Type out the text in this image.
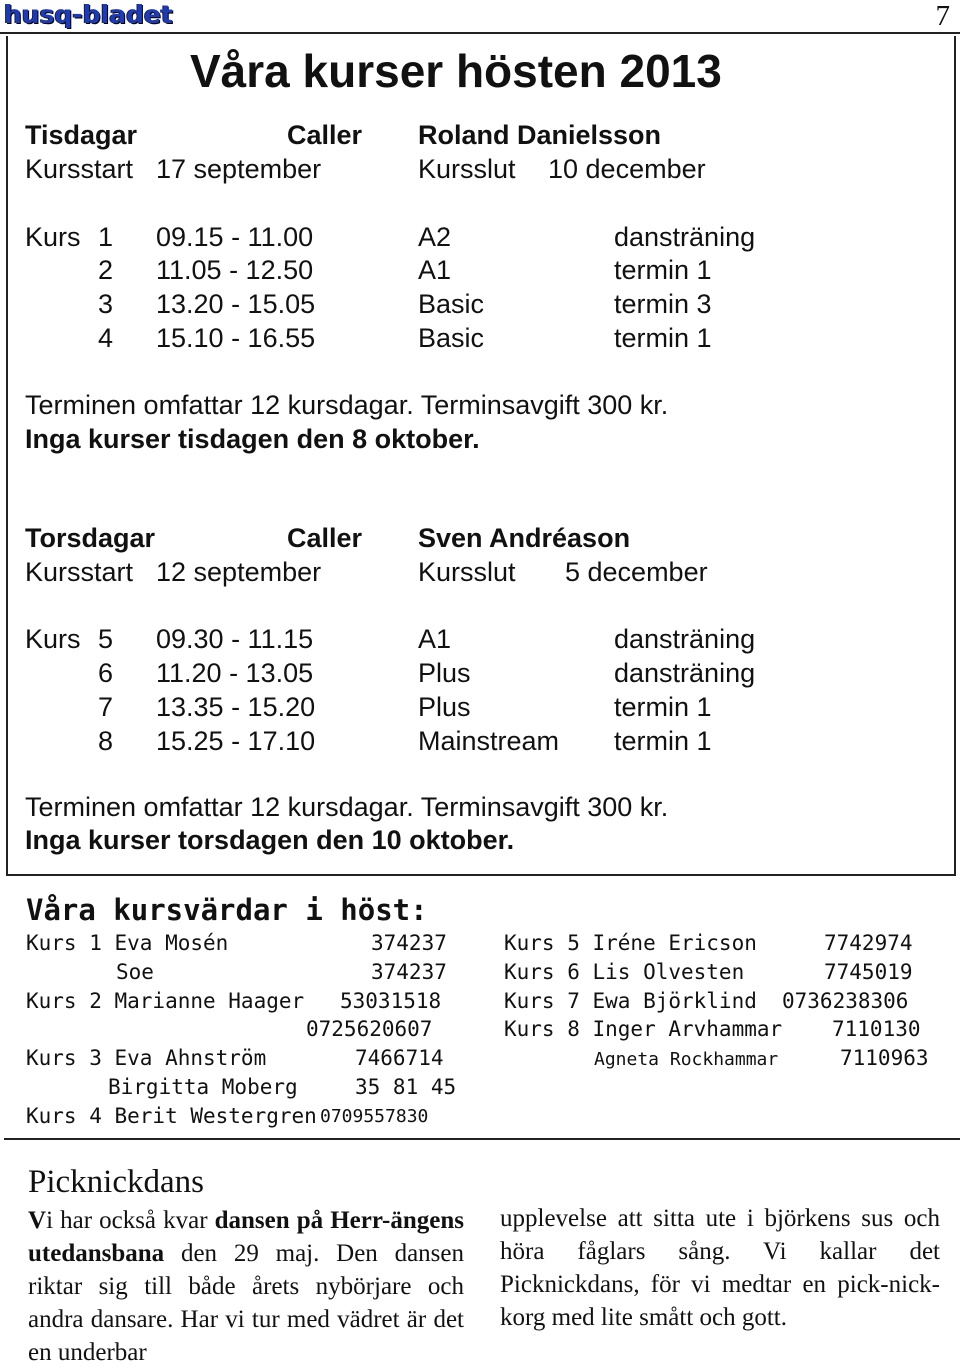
husq-bladet	7
Våra kurser hösten 2013
Tisdagar	Caller Roland Danielsson
Kursstart 17 september	Kursslut 10 december
Kurs 1 09.15 - 11.00	A2	dansträning
2 11.05 - 12.50	A1	termin 1
3 13.20 - 15.05	Basic	termin 3
4 15.10 - 16.55	Basic	termin 1
Terminen omfattar 12 kursdagar. Terminsavgift 300 kr.
Inga kurser tisdagen den 8 oktober.
Torsdagar	Caller Sven Andréason
Kursstart 12 september	Kursslut 5 december
Kurs 5 09.30 - 11.15	A1	dansträning
6 11.20 - 13.05	Plus	dansträning
7 13.35 - 15.20	Plus	termin 1
8 15.25 - 17.10	Mainstream termin 1
Terminen omfattar 12 kursdagar. Terminsavgift 300 kr.
Inga kurser torsdagen den 10 oktober.
Våra kursvärdar i höst:
Kurs 1 Eva Mosén	374237
Soe	374237
Kurs 2 Marianne Haager 53031518
0725620607
Kurs 3 Eva Ahnström	7466714
Birgitta Moberg	35 81 45
Kurs 4 Berit Westergren 0709557830
Kurs 5 Iréne Ericson	7742974
Kurs 6 Lis Olvesten	7745019
Kurs 7 Ewa Björklind 0736238306
Kurs 8 Inger Arvhammar 7110130
Agneta Rockhammar	7110963
Picknickdans

Vi har också kvar dansen på Herr-ängens utedansbana den 29 maj. Den dansen riktar sig till både årets nybörjare och andra dansare. Har vi tur med vädret är det en underbar

upplevelse att sitta ute i björkens sus och höra fåglars sång. Vi kallar det Picknickdans, för vi medtar en pick-nick-korg med lite smått och gott.
